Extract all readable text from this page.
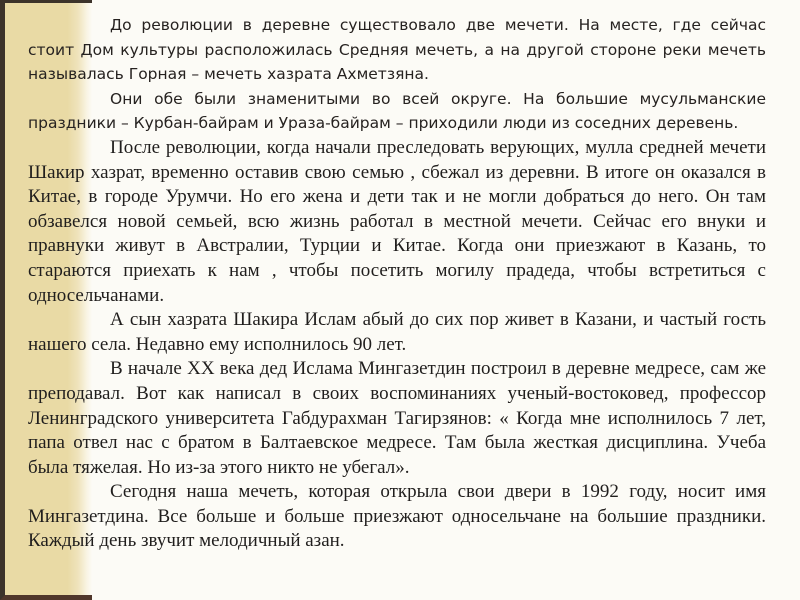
До революции в деревне существовало две мечети. На месте, где сейчас стоит Дом культуры расположилась Средняя мечеть, а на другой стороне реки мечеть называлась Горная – мечеть хазрата Ахметзяна.

Они обе были знаменитыми во всей округе. На большие мусульманские праздники – Курбан-байрам и Ураза-байрам – приходили люди из соседних деревень.

После революции, когда начали преследовать верующих, мулла средней мечети Шакир хазрат, временно оставив свою семью , сбежал из деревни. В итоге он оказался в Китае, в городе Урумчи. Но его жена и дети так и не могли добраться до него. Он там обзавелся новой семьей, всю жизнь работал в местной мечети. Сейчас его внуки и правнуки живут в Австралии, Турции и Китае. Когда они приезжают в Казань, то стараются приехать к нам , чтобы посетить могилу прадеда, чтобы встретиться с односельчанами.

А сын хазрата Шакира Ислам абый до сих пор живет в Казани, и частый гость нашего села. Недавно ему исполнилось 90 лет.

В начале XX века дед Ислама Мингазетдин построил в деревне медресе, сам же преподавал. Вот как написал в своих воспоминаниях ученый-востоковед, профессор Ленинградского университета Габдурахман Тагирзянов: « Когда мне исполнилось 7 лет, папа отвел нас с братом в Балтаевское медресе. Там была жесткая дисциплина. Учеба была тяжелая. Но из-за этого никто не убегал».

Сегодня наша мечеть, которая открыла свои двери в 1992 году, носит имя Мингазетдина. Все больше и больше приезжают односельчане на большие праздники. Каждый день звучит мелодичный азан.
